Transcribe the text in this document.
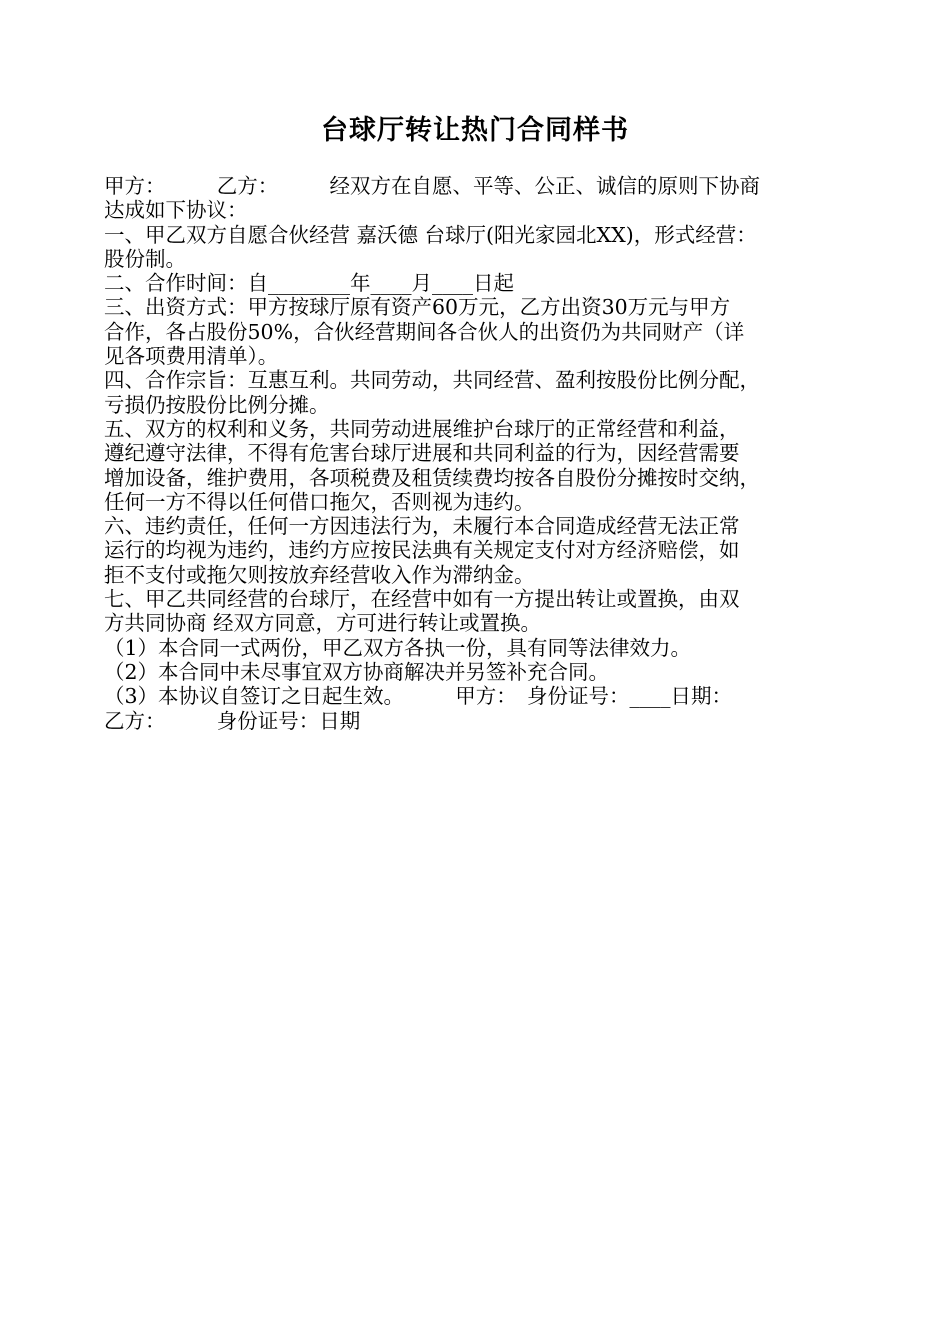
台球厅转让热门合同样书
甲方：　　　乙方：　　　经双方在自愿、平等、公正、诚信的原则下协商
达成如下协议：
一、甲乙双方自愿合伙经营 嘉沃德 台球厅(阳光家园北XX)，形式经营：
股份制。
二、合作时间：自________年____月____日起
三、出资方式：甲方按球厅原有资产60万元，乙方出资30万元与甲方
合作，各占股份50%，合伙经营期间各合伙人的出资仍为共同财产（详
见各项费用清单）。
四、合作宗旨：互惠互利。共同劳动，共同经营、盈利按股份比例分配，
亏损仍按股份比例分摊。
五、双方的权利和义务，共同劳动进展维护台球厅的正常经营和利益，
遵纪遵守法律，不得有危害台球厅进展和共同利益的行为，因经营需要
增加设备，维护费用，各项税费及租赁续费均按各自股份分摊按时交纳，
任何一方不得以任何借口拖欠，否则视为违约。
六、违约责任，任何一方因违法行为，未履行本合同造成经营无法正常
运行的均视为违约，违约方应按民法典有关规定支付对方经济赔偿，如
拒不支付或拖欠则按放弃经营收入作为滞纳金。
七、甲乙共同经营的台球厅，在经营中如有一方提出转让或置换，由双
方共同协商 经双方同意，方可进行转让或置换。
（1）本合同一式两份，甲乙双方各执一份，具有同等法律效力。
（2）本合同中未尽事宜双方协商解决并另签补充合同。
（3）本协议自签订之日起生效。　　　甲方：　身份证号：____日期：
乙方：　　　身份证号：日期
